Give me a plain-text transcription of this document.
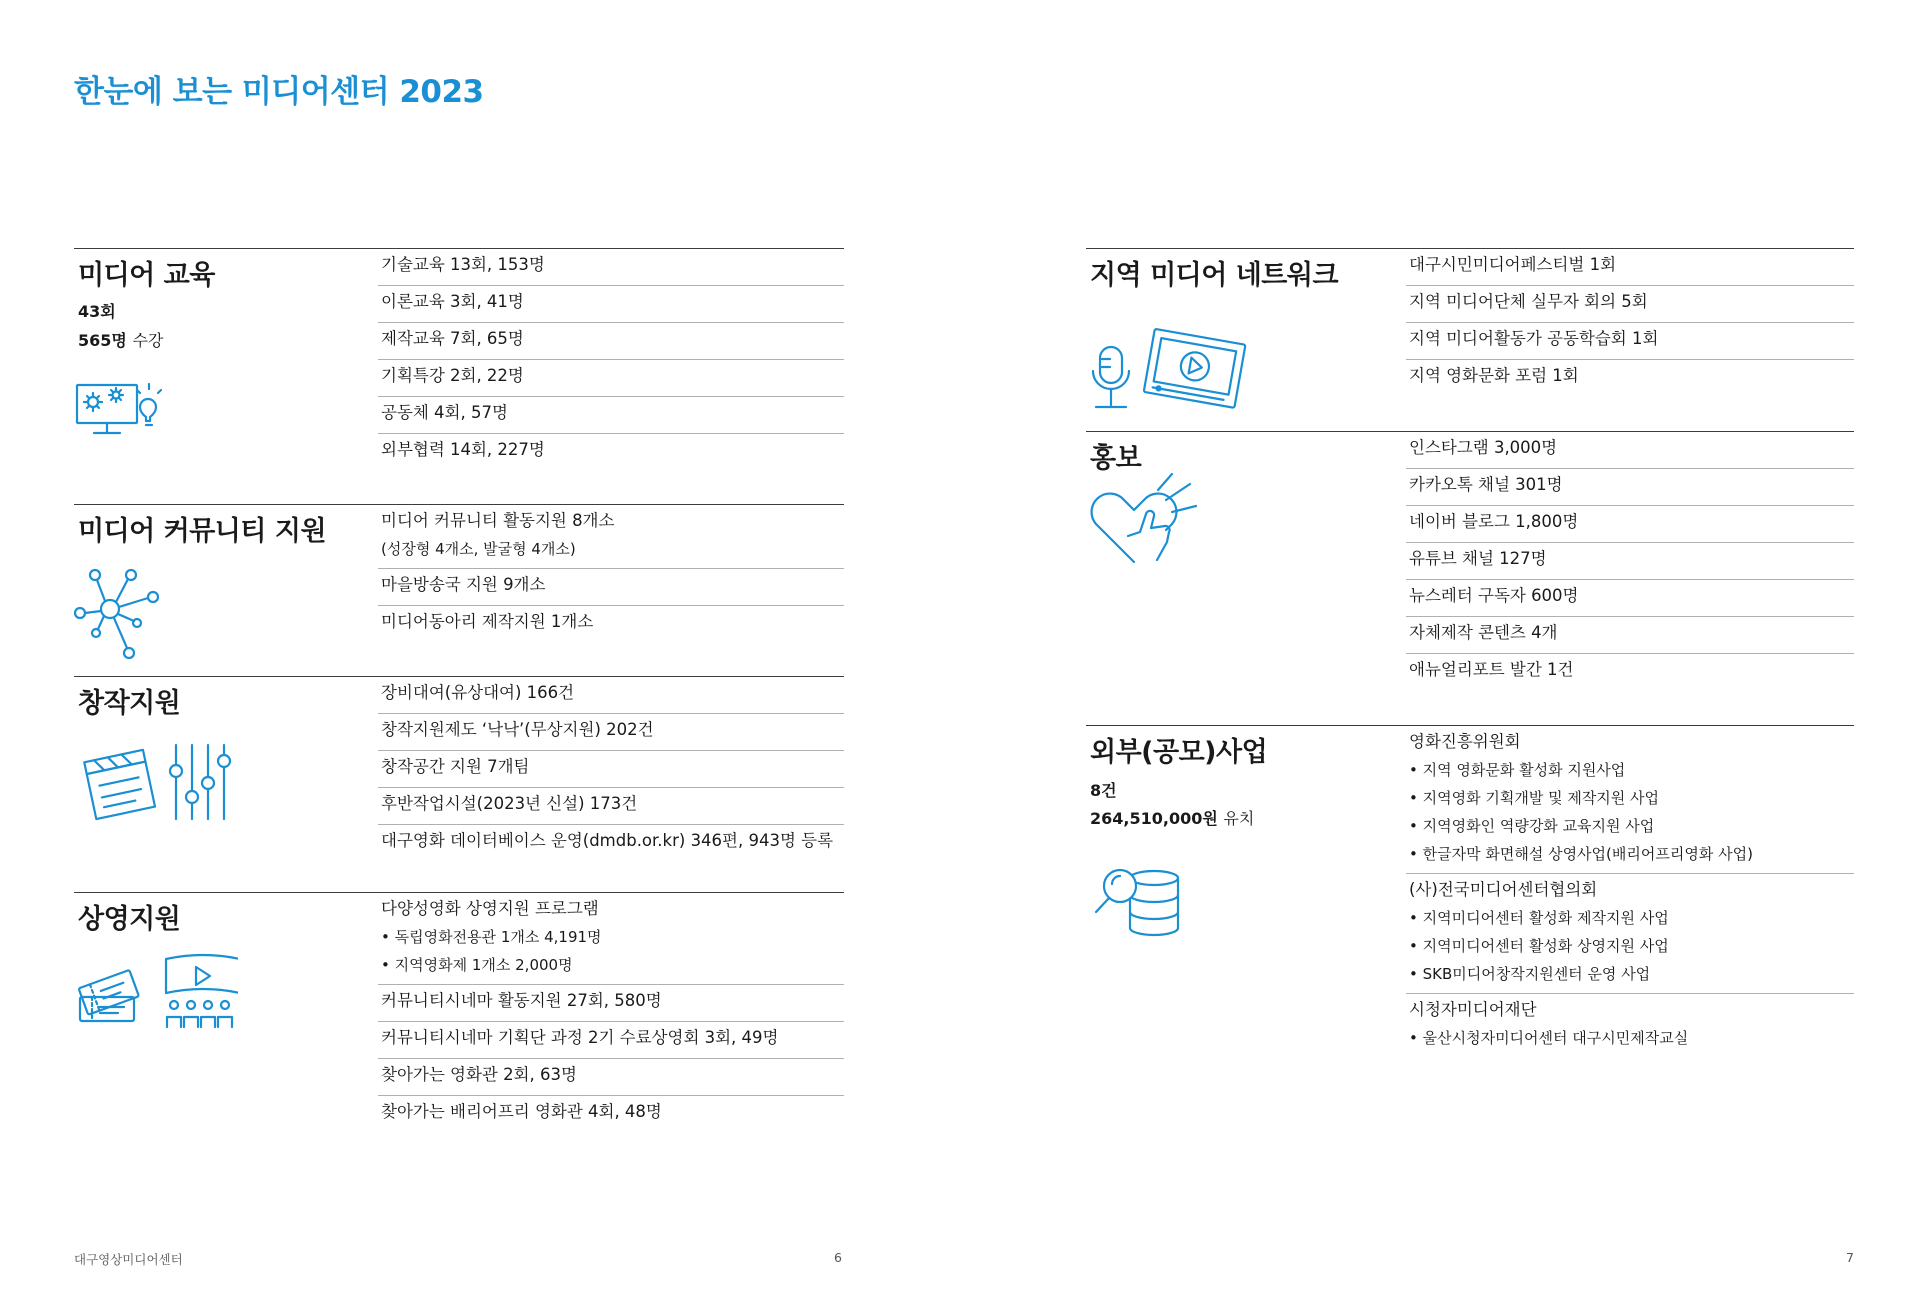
한눈에 보는 미디어센터 2023
미디어 교육
43회
565명 수강
기술교육 13회, 153명
이론교육 3회, 41명
제작교육 7회, 65명
기획특강 2회, 22명
공동체 4회, 57명
외부협력 14회, 227명
미디어 커뮤니티 지원	미디어 커뮤니티 활동지원 8개소
(성장형 4개소, 발굴형 4개소)
마을방송국 지원 9개소
미디어동아리 제작지원 1개소
창작지원	장비대여(유상대여) 166건
창작지원제도 ‘낙낙’(무상지원) 202건
창작공간 지원 7개팀
후반작업시설(2023년 신설) 173건
대구영화 데이터베이스 운영(dmdb.or.kr) 346편, 943명 등록
상영지원	다양성영화 상영지원 프로그램
• 독립영화전용관 1개소 4,191명
• 지역영화제 1개소 2,000명
커뮤니티시네마 활동지원 27회, 580명
커뮤니티시네마 기획단 과정 2기 수료상영회 3회, 49명
찾아가는 영화관 2회, 63명
찾아가는 배리어프리 영화관 4회, 48명
지역 미디어 네트워크	대구시민미디어페스티벌 1회
지역 미디어단체 실무자 회의 5회
지역 미디어활동가 공동학습회 1회
지역 영화문화 포럼 1회
홍보	인스타그램 3,000명
카카오톡 채널 301명
네이버 블로그 1,800명
유튜브 채널 127명
뉴스레터 구독자 600명
자체제작 콘텐츠 4개
애뉴얼리포트 발간 1건
외부(공모)사업
8건
264,510,000원 유치
영화진흥위원회
• 지역 영화문화 활성화 지원사업
• 지역영화 기획개발 및 제작지원 사업
• 지역영화인 역량강화 교육지원 사업
• 한글자막 화면해설 상영사업(배리어프리영화 사업)
(사)전국미디어센터협의회
• 지역미디어센터 활성화 제작지원 사업
• 지역미디어센터 활성화 상영지원 사업
• SKB미디어창작지원센터 운영 사업
시청자미디어재단
• 울산시청자미디어센터 대구시민제작교실
대구영상미디어센터	6	7
